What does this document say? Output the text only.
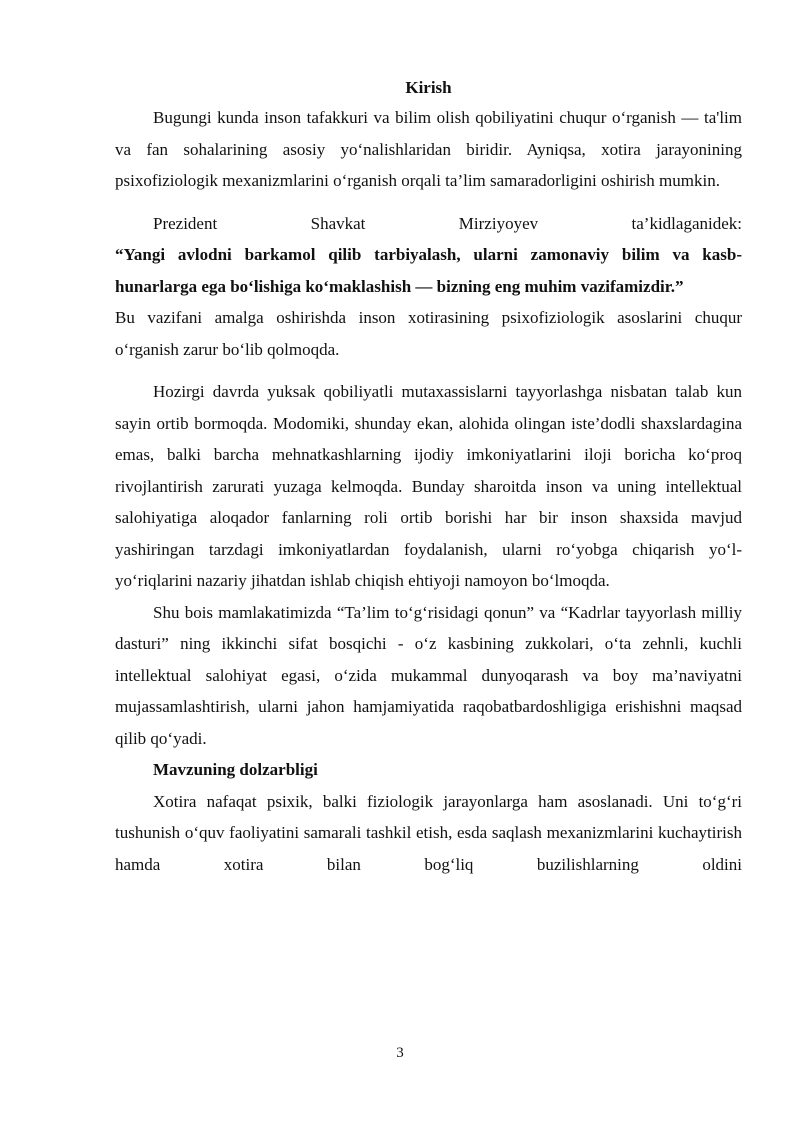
Kirish

Bugungi kunda inson tafakkuri va bilim olish qobiliyatini chuqur o‘rganish — ta'lim va fan sohalarining asosiy yo‘nalishlaridan biridir. Ayniqsa, xotira jarayonining psixofiziologik mexanizmlarini o‘rganish orqali ta’lim samaradorligini oshirish mumkin.

Prezident Shavkat Mirziyoyev ta’kidlaganidek:

“Yangi avlodni barkamol qilib tarbiyalash, ularni zamonaviy bilim va kasb-hunarlarga ega bo‘lishiga ko‘maklashish — bizning eng muhim vazifamizdir.”

Bu vazifani amalga oshirishda inson xotirasining psixofiziologik asoslarini chuqur o‘rganish zarur bo‘lib qolmoqda.

Hozirgi davrda yuksak qobiliyatli mutaxassislarni tayyorlashga nisbatan talab kun sayin ortib bormoqda. Modomiki, shunday ekan, alohida olingan iste’dodli shaxslardagina emas, balki barcha mehnatkashlarning ijodiy imkoniyatlarini iloji boricha ko‘proq rivojlantirish zarurati yuzaga kelmoqda. Bunday sharoitda inson va uning intellektual salohiyatiga aloqador fanlarning roli ortib borishi har bir inson shaxsida mavjud yashiringan tarzdagi imkoniyatlardan foydalanish, ularni ro‘yobga chiqarish yo‘l-yo‘riqlarini nazariy jihatdan ishlab chiqish ehtiyoji namoyon bo‘lmoqda.

Shu bois mamlakatimizda “Ta’lim to‘g‘risidagi qonun” va “Kadrlar tayyorlash milliy dasturi” ning ikkinchi sifat bosqichi - o‘z kasbining zukkolari, o‘ta zehnli, kuchli intellektual salohiyat egasi, o‘zida mukammal dunyoqarash va boy ma’naviyatni mujassamlashtirish, ularni jahon hamjamiyatida raqobatbardoshligiga erishishni maqsad qilib qo‘yadi.

Mavzuning dolzarbligi

Xotira nafaqat psixik, balki fiziologik jarayonlarga ham asoslanadi. Uni to‘g‘ri tushunish o‘quv faoliyatini samarali tashkil etish, esda saqlash mexanizmlarini kuchaytirish hamda xotira bilan bog‘liq buzilishlarning oldini

3
